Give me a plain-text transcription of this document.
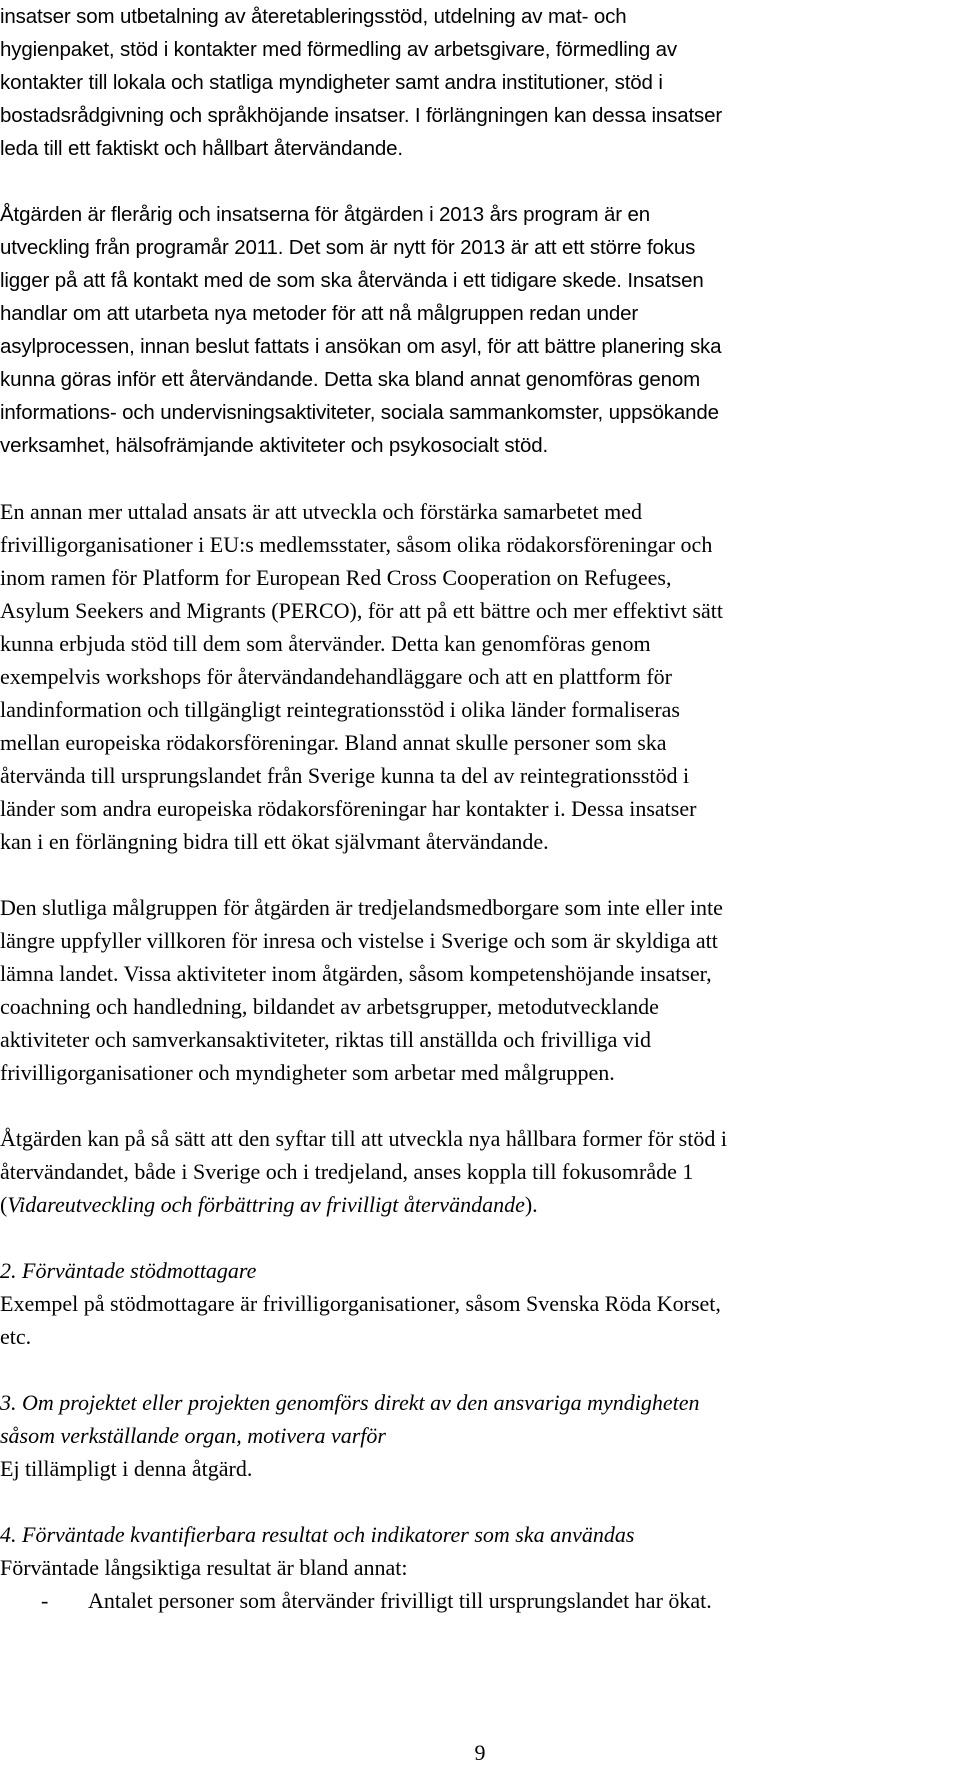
insatser som utbetalning av återetableringsstöd, utdelning av mat- och
hygienpaket, stöd i kontakter med förmedling av arbetsgivare, förmedling av
kontakter till lokala och statliga myndigheter samt andra institutioner, stöd i
bostadsrådgivning och språkhöjande insatser. I förlängningen kan dessa insatser
leda till ett faktiskt och hållbart återvändande.
Åtgärden är flerårig och insatserna för åtgärden i 2013 års program är en
utveckling från programår 2011. Det som är nytt för 2013 är att ett större fokus
ligger på att få kontakt med de som ska återvända i ett tidigare skede. Insatsen
handlar om att utarbeta nya metoder för att nå målgruppen redan under
asylprocessen, innan beslut fattats i ansökan om asyl, för att bättre planering ska
kunna göras inför ett återvändande. Detta ska bland annat genomföras genom
informations- och undervisningsaktiviteter, sociala sammankomster, uppsökande
verksamhet, hälsofrämjande aktiviteter och psykosocialt stöd.
En annan mer uttalad ansats är att utveckla och förstärka samarbetet med
frivilligorganisationer i EU:s medlemsstater, såsom olika rödakorsföreningar och
inom ramen för Platform for European Red Cross Cooperation on Refugees,
Asylum Seekers and Migrants (PERCO), för att på ett bättre och mer effektivt sätt
kunna erbjuda stöd till dem som återvänder. Detta kan genomföras genom
exempelvis workshops för återvändandehandläggare och att en plattform för
landinformation och tillgängligt reintegrationsstöd i olika länder formaliseras
mellan europeiska rödakorsföreningar. Bland annat skulle personer som ska
återvända till ursprungslandet från Sverige kunna ta del av reintegrationsstöd i
länder som andra europeiska rödakorsföreningar har kontakter i. Dessa insatser
kan i en förlängning bidra till ett ökat självmant återvändande.
Den slutliga målgruppen för åtgärden är tredjelandsmedborgare som inte eller inte
längre uppfyller villkoren för inresa och vistelse i Sverige och som är skyldiga att
lämna landet. Vissa aktiviteter inom åtgärden, såsom kompetenshöjande insatser,
coachning och handledning, bildandet av arbetsgrupper, metodutvecklande
aktiviteter och samverkansaktiviteter, riktas till anställda och frivilliga vid
frivilligorganisationer och myndigheter som arbetar med målgruppen.
Åtgärden kan på så sätt att den syftar till att utveckla nya hållbara former för stöd i
återvändandet, både i Sverige och i tredjeland, anses koppla till fokusområde 1
(Vidareutveckling och förbättring av frivilligt återvändande).
2. Förväntade stödmottagare
Exempel på stödmottagare är frivilligorganisationer, såsom Svenska Röda Korset,
etc.
3. Om projektet eller projekten genomförs direkt av den ansvariga myndigheten
såsom verkställande organ, motivera varför
Ej tillämpligt i denna åtgärd.
4. Förväntade kvantifierbara resultat och indikatorer som ska användas
Förväntade långsiktiga resultat är bland annat:
- Antalet personer som återvänder frivilligt till ursprungslandet har ökat.
9
